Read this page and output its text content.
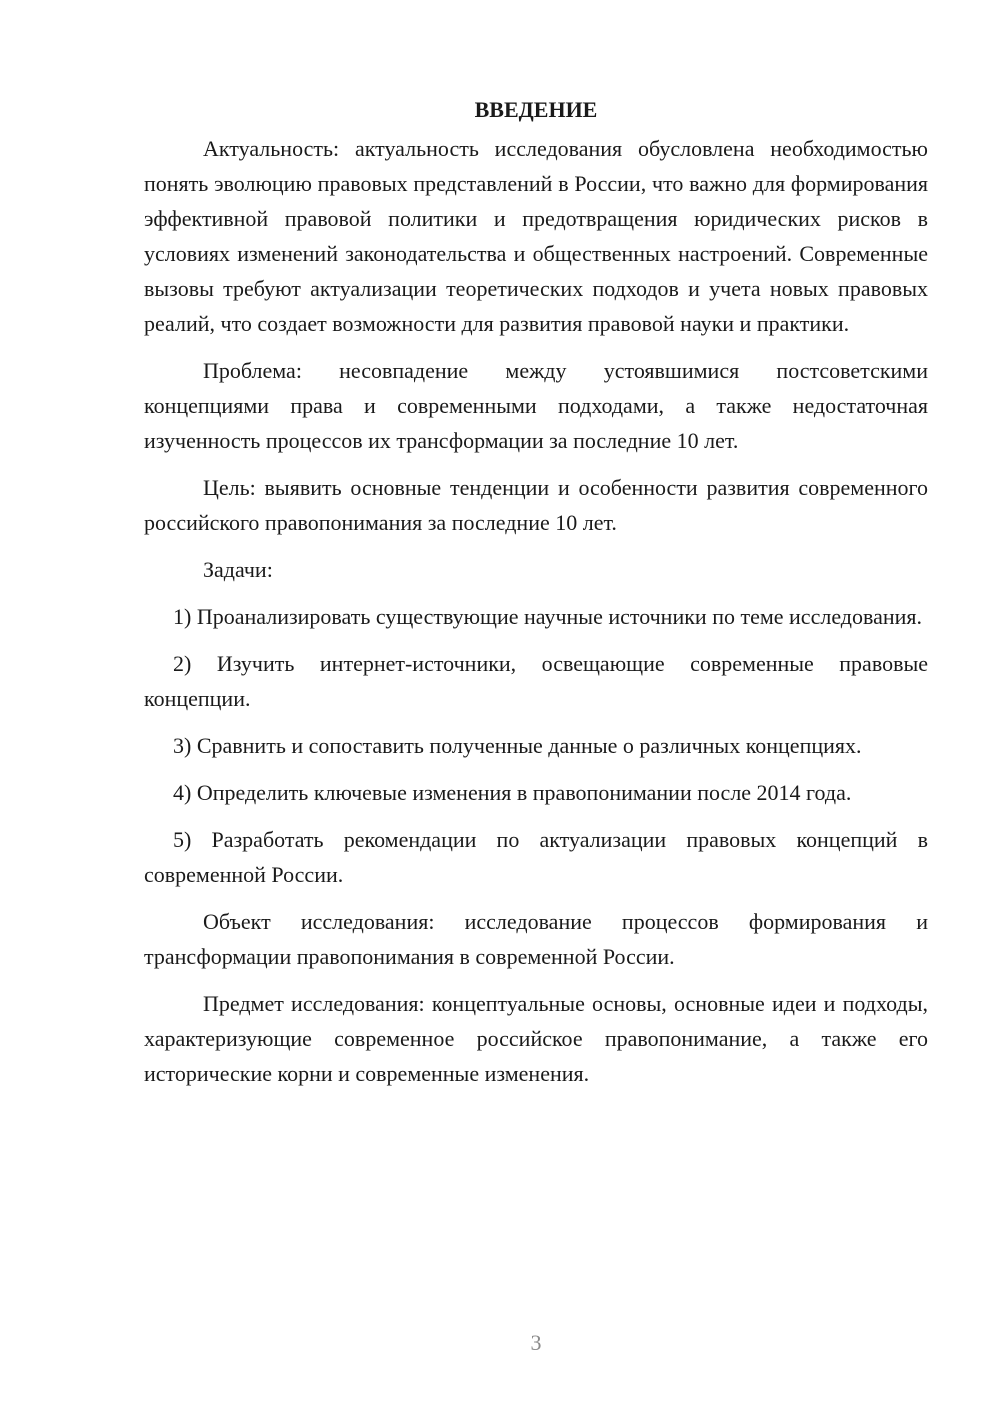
ВВЕДЕНИЕ

Актуальность: актуальность исследования обусловлена необходимостью понять эволюцию правовых представлений в России, что важно для формирования эффективной правовой политики и предотвращения юридических рисков в условиях изменений законодательства и общественных настроений. Современные вызовы требуют актуализации теоретических подходов и учета новых правовых реалий, что создает возможности для развития правовой науки и практики.

Проблема: несовпадение между устоявшимися постсоветскими концепциями права и современными подходами, а также недостаточная изученность процессов их трансформации за последние 10 лет.

Цель: выявить основные тенденции и особенности развития современного российского правопонимания за последние 10 лет.

Задачи:

1) Проанализировать существующие научные источники по теме исследования.

2) Изучить интернет-источники, освещающие современные правовые концепции.

3) Сравнить и сопоставить полученные данные о различных концепциях.

4) Определить ключевые изменения в правопонимании после 2014 года.

5) Разработать рекомендации по актуализации правовых концепций в современной России.

Объект исследования: исследование процессов формирования и трансформации правопонимания в современной России.

Предмет исследования: концептуальные основы, основные идеи и подходы, характеризующие современное российское правопонимание, а также его исторические корни и современные изменения.

3
